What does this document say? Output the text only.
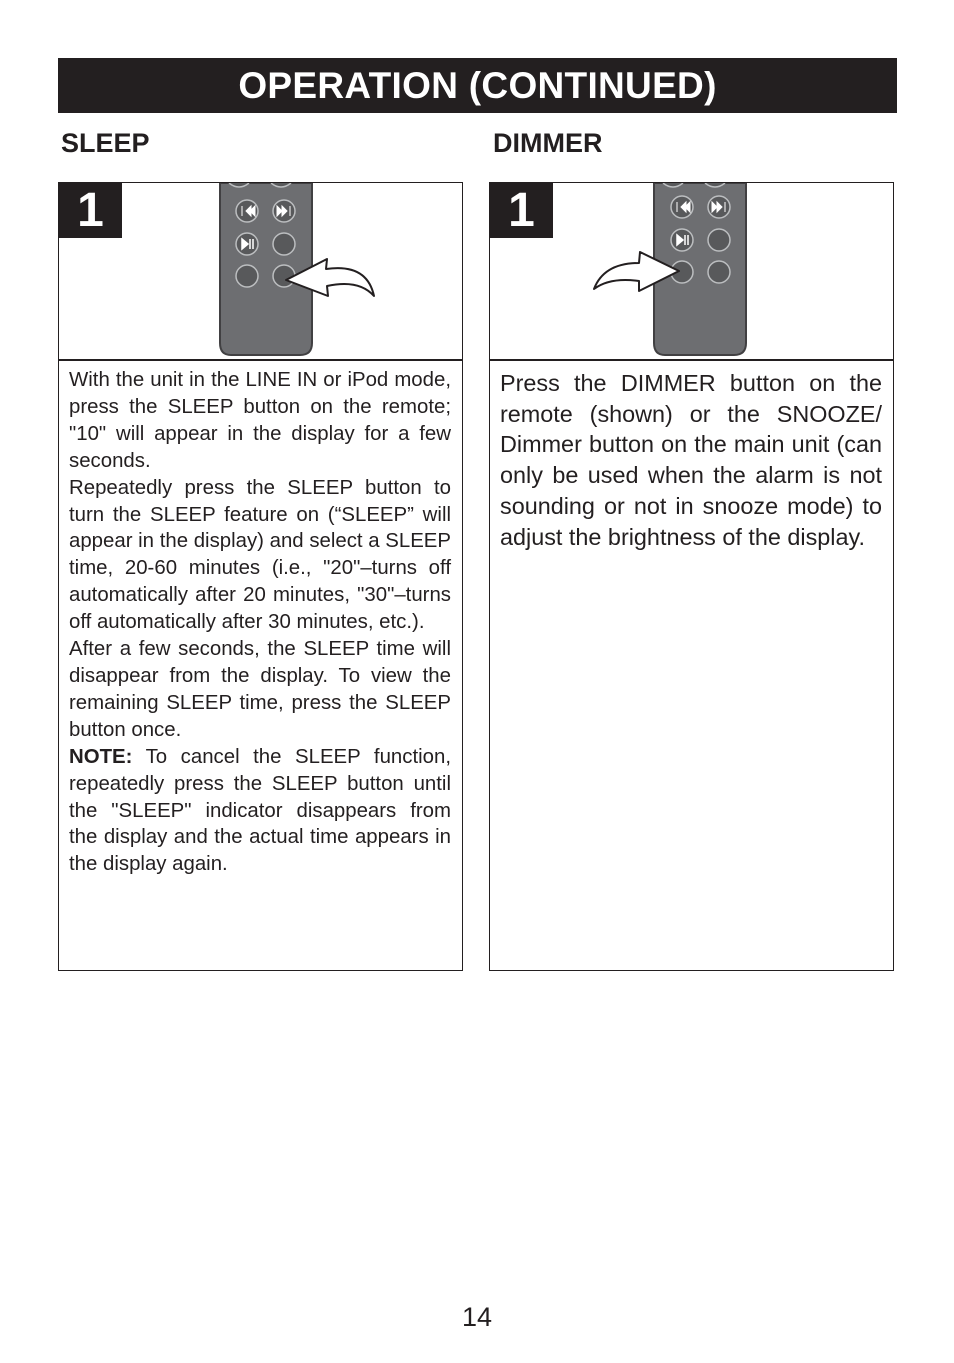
OPERATION (CONTINUED)
SLEEP	DIMMER
1

With the unit in the LINE IN or iPod mode, press the SLEEP button on the remote; "10" will appear in the display for a few seconds.

Repeatedly press the SLEEP button to turn the SLEEP feature on (“SLEEP” will appear in the display) and select a SLEEP time, 20-60 minutes (i.e., "20"–turns off automatically after 20 minutes, "30"–turns off automatically after 30 minutes, etc.).

After a few seconds, the SLEEP time will disappear from the display. To view the remaining SLEEP time, press the SLEEP button once.

NOTE: To cancel the SLEEP function, repeatedly press the SLEEP button until the "SLEEP" indicator disappears from the display and the actual time appears in the display again.

1

Press the DIMMER button on the remote (shown) or the SNOOZE/ Dimmer button on the main unit (can only be used when the alarm is not sounding or not in snooze mode) to adjust the brightness of the display.

14
